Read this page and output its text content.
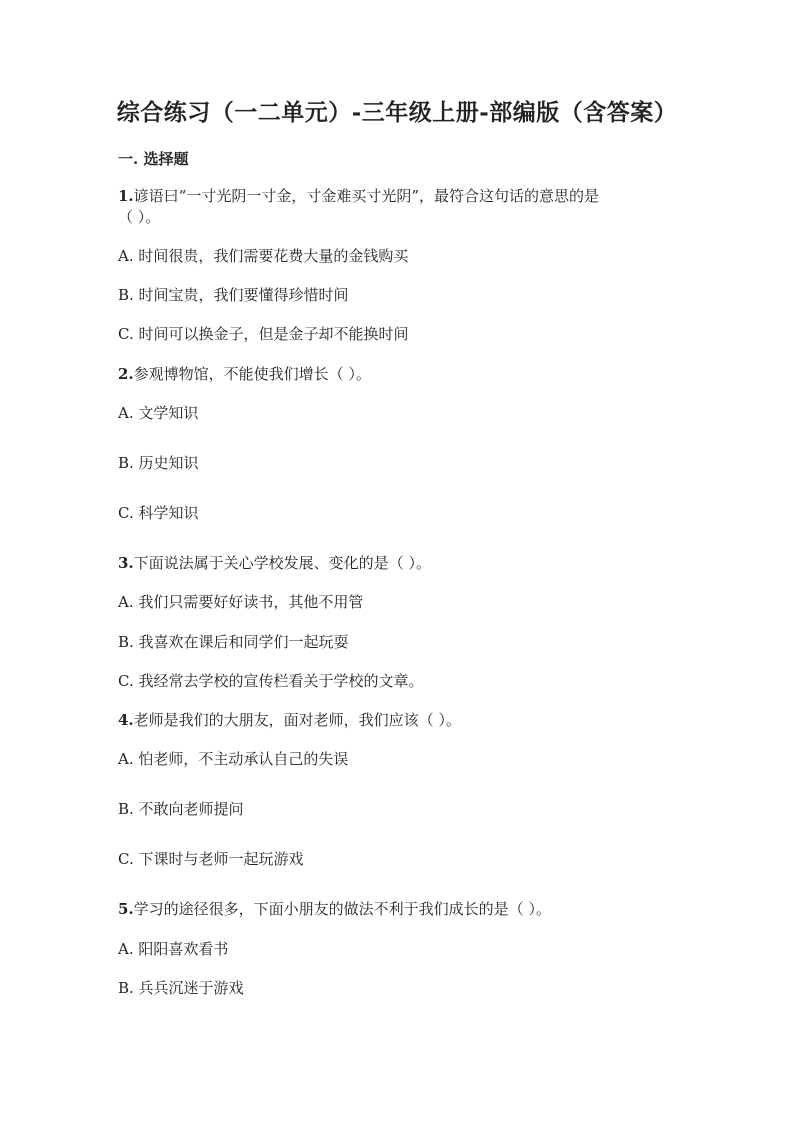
综合练习（一二单元）-三年级上册-部编版（含答案）
一. 选择题
1.谚语曰“一寸光阴一寸金，寸金难买寸光阴”，最符合这句话的意思的是
（ ）。
A. 时间很贵，我们需要花费大量的金钱购买
B. 时间宝贵，我们要懂得珍惜时间
C. 时间可以换金子，但是金子却不能换时间
2.参观博物馆，不能使我们增长（ ）。
A. 文学知识
B. 历史知识
C. 科学知识
3.下面说法属于关心学校发展、变化的是（ ）。
A. 我们只需要好好读书，其他不用管
B. 我喜欢在课后和同学们一起玩耍
C. 我经常去学校的宣传栏看关于学校的文章。
4.老师是我们的大朋友，面对老师，我们应该（ ）。
A. 怕老师，不主动承认自己的失误
B. 不敢向老师提问
C. 下课时与老师一起玩游戏
5.学习的途径很多，下面小朋友的做法不利于我们成长的是（ ）。
A. 阳阳喜欢看书
B. 兵兵沉迷于游戏
